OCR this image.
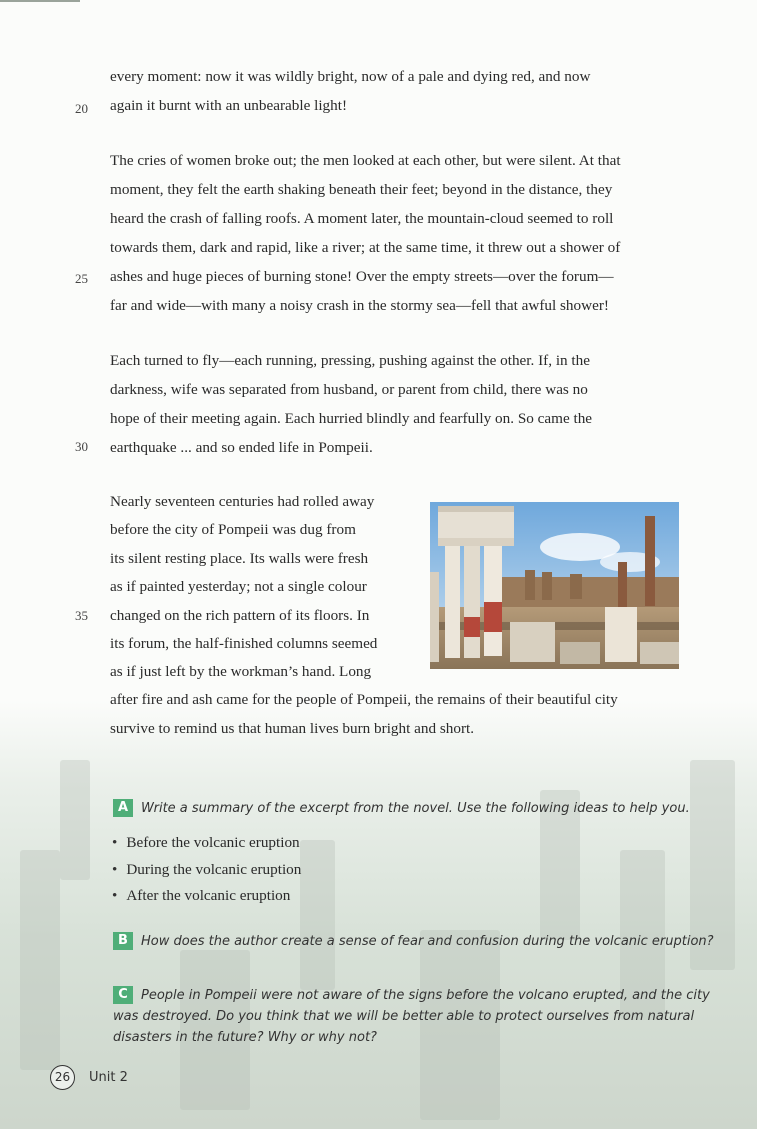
every moment: now it was wildly bright, now of a pale and dying red, and now
again it burnt with an unbearable light!
The cries of women broke out; the men looked at each other, but were silent. At that
moment, they felt the earth shaking beneath their feet; beyond in the distance, they
heard the crash of falling roofs. A moment later, the mountain-cloud seemed to roll
towards them, dark and rapid, like a river; at the same time, it threw out a shower of
ashes and huge pieces of burning stone! Over the empty streets—over the forum—
far and wide—with many a noisy crash in the stormy sea—fell that awful shower!
Each turned to fly—each running, pressing, pushing against the other. If, in the
darkness, wife was separated from husband, or parent from child, there was no
hope of their meeting again. Each hurried blindly and fearfully on. So came the
earthquake ... and so ended life in Pompeii.
Nearly seventeen centuries had rolled away
before the city of Pompeii was dug from
its silent resting place. Its walls were fresh
as if painted yesterday; not a single colour
changed on the rich pattern of its floors. In
its forum, the half-finished columns seemed
as if just left by the workman’s hand. Long
after fire and ash came for the people of Pompeii, the remains of their beautiful city
survive to remind us that human lives burn bright and short.
20
25
30
35
A Write a summary of the excerpt from the novel. Use the following ideas to help you.
• Before the volcanic eruption
• During the volcanic eruption
• After the volcanic eruption
B How does the author create a sense of fear and confusion during the volcanic eruption?
C People in Pompeii were not aware of the signs before the volcano erupted, and the city
was destroyed. Do you think that we will be better able to protect ourselves from natural
disasters in the future? Why or why not?
26	Unit 2
